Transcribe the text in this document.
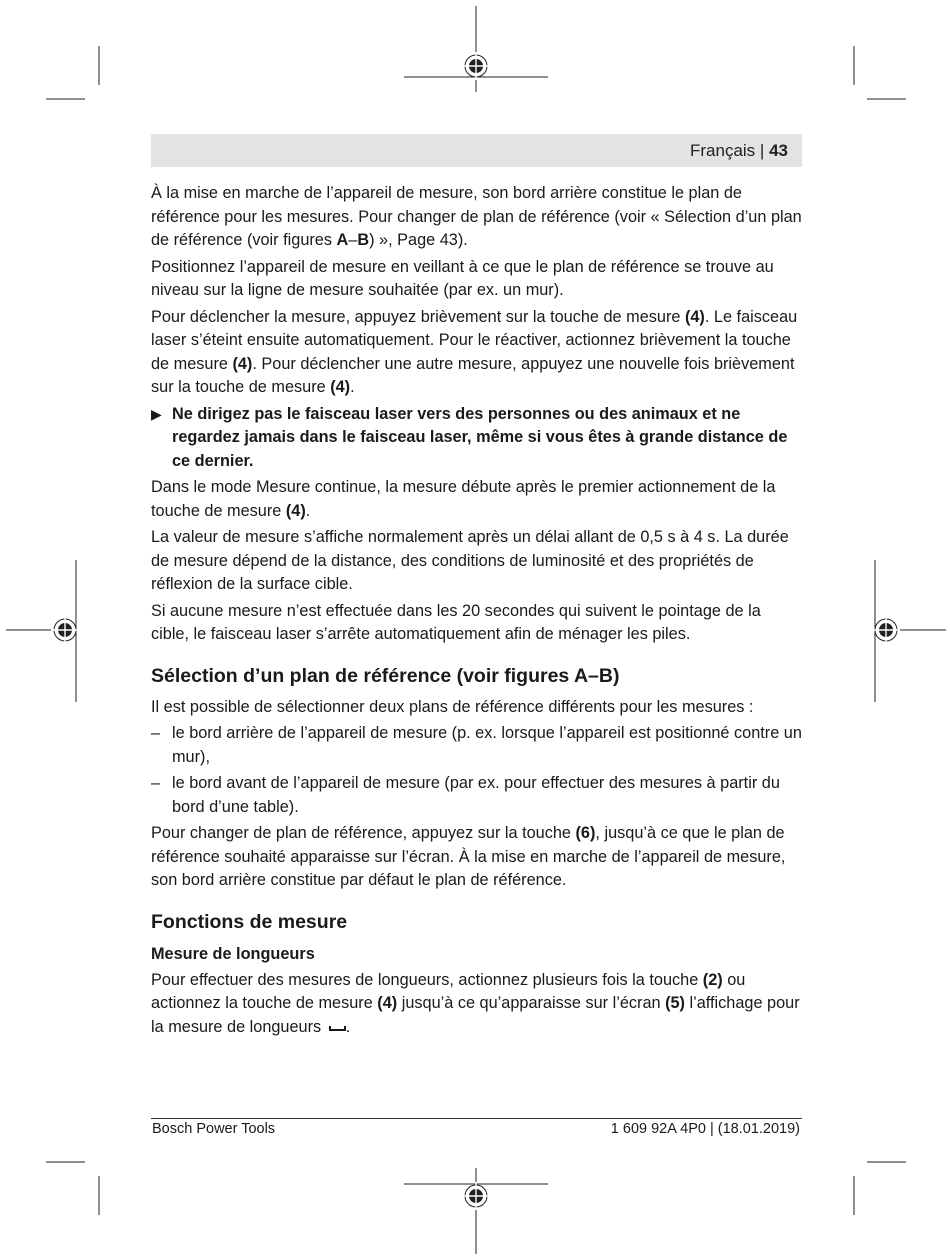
Français | 43

À la mise en marche de l’appareil de mesure, son bord arrière constitue le plan de référence pour les mesures. Pour changer de plan de référence (voir « Sélection d’un plan de référence (voir figures A–B) », Page 43).

Positionnez l’appareil de mesure en veillant à ce que le plan de référence se trouve au niveau sur la ligne de mesure souhaitée (par ex. un mur).

Pour déclencher la mesure, appuyez brièvement sur la touche de mesure (4). Le faisceau laser s’éteint ensuite automatiquement. Pour le réactiver, actionnez brièvement la touche de mesure (4). Pour déclencher une autre mesure, appuyez une nouvelle fois brièvement sur la touche de mesure (4).

▶ Ne dirigez pas le faisceau laser vers des personnes ou des animaux et ne regardez jamais dans le faisceau laser, même si vous êtes à grande distance de ce dernier.

Dans le mode Mesure continue, la mesure débute après le premier actionnement de la touche de mesure (4).

La valeur de mesure s’affiche normalement après un délai allant de 0,5 s à 4 s. La durée de mesure dépend de la distance, des conditions de luminosité et des propriétés de réflexion de la surface cible.

Si aucune mesure n’est effectuée dans les 20 secondes qui suivent le pointage de la cible, le faisceau laser s’arrête automatiquement afin de ménager les piles.

Sélection d’un plan de référence (voir figures A–B)

Il est possible de sélectionner deux plans de référence différents pour les mesures :

– le bord arrière de l’appareil de mesure (p. ex. lorsque l’appareil est positionné contre un mur),
– le bord avant de l’appareil de mesure (par ex. pour effectuer des mesures à partir du bord d’une table).

Pour changer de plan de référence, appuyez sur la touche (6), jusqu’à ce que le plan de référence souhaité apparaisse sur l’écran. À la mise en marche de l’appareil de mesure, son bord arrière constitue par défaut le plan de référence.

Fonctions de mesure
Mesure de longueurs

Pour effectuer des mesures de longueurs, actionnez plusieurs fois la touche (2) ou actionnez la touche de mesure (4) jusqu’à ce qu’apparaisse sur l’écran (5) l’affichage pour la mesure de longueurs .

Bosch Power Tools	1 609 92A 4P0 | (18.01.2019)
